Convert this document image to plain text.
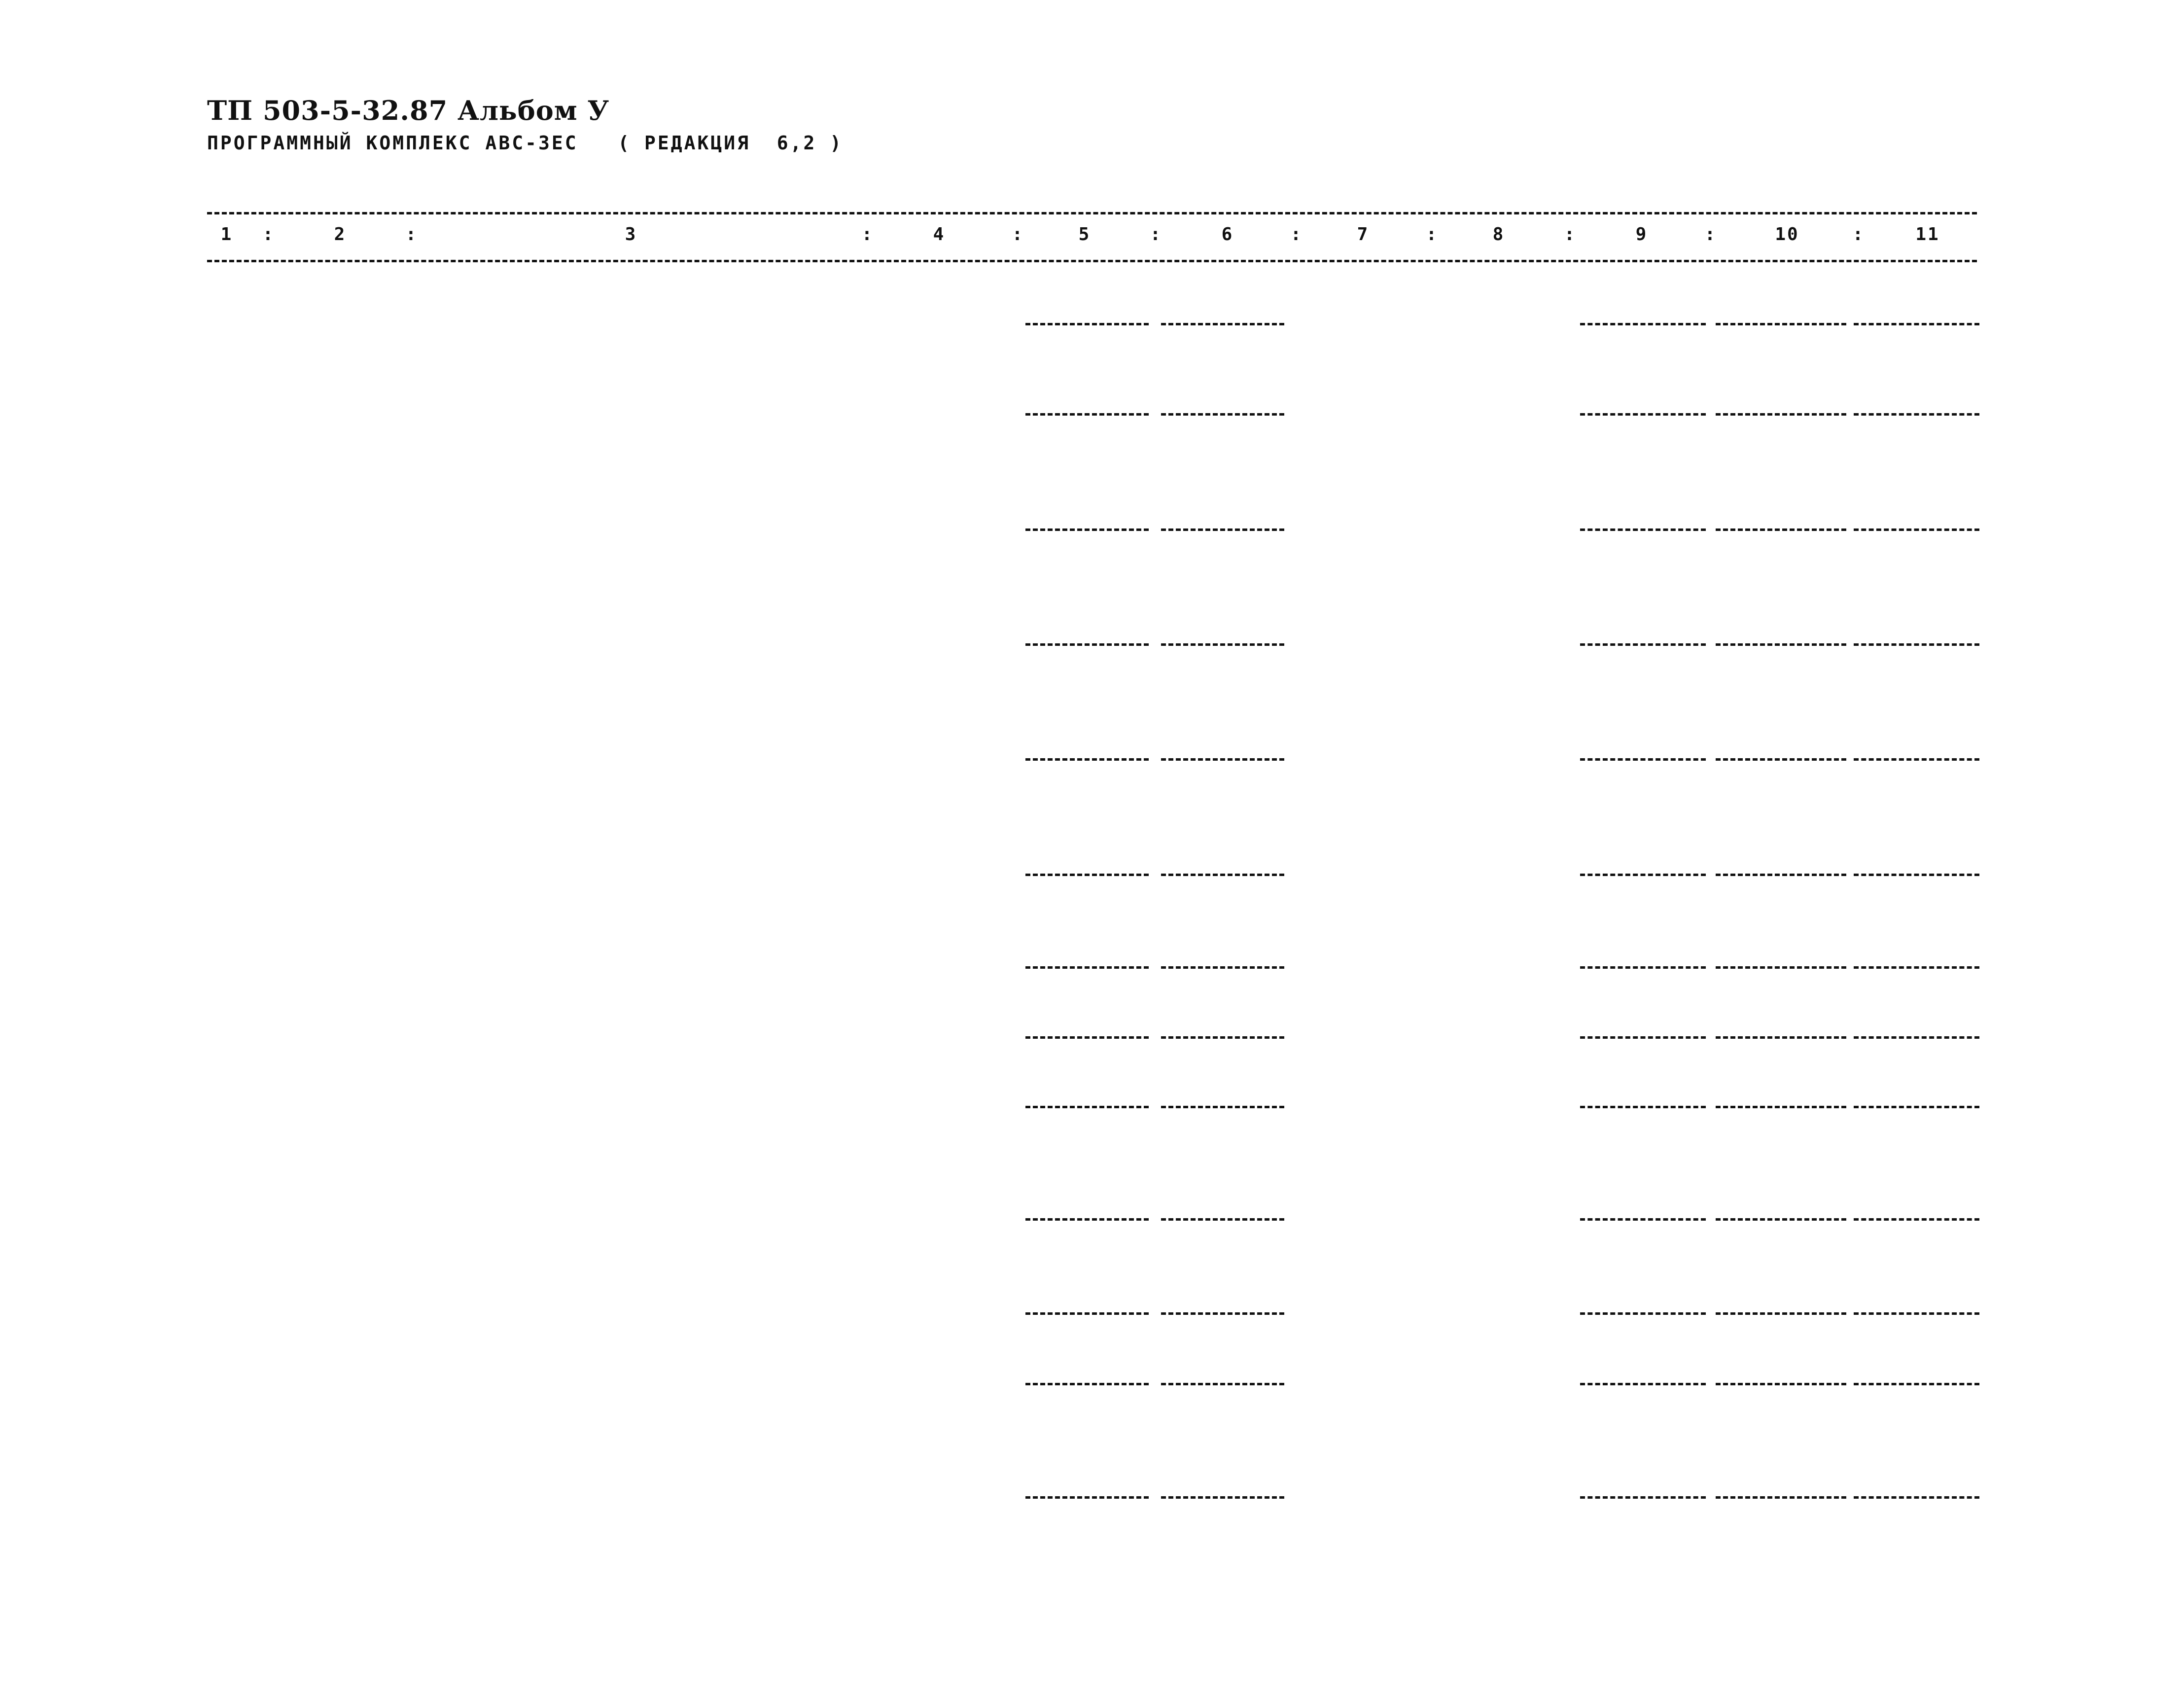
ТП 503-5-32.87 Альбом У
ПРОГРАММНЫЙ КОМПЛЕКС АВС-3ЕС   ( РЕДАКЦИЯ  6,2 )
1	2	3	4	5	6	7	8	9	10	11
:	:	:	:	:	:	:	:	:	:
